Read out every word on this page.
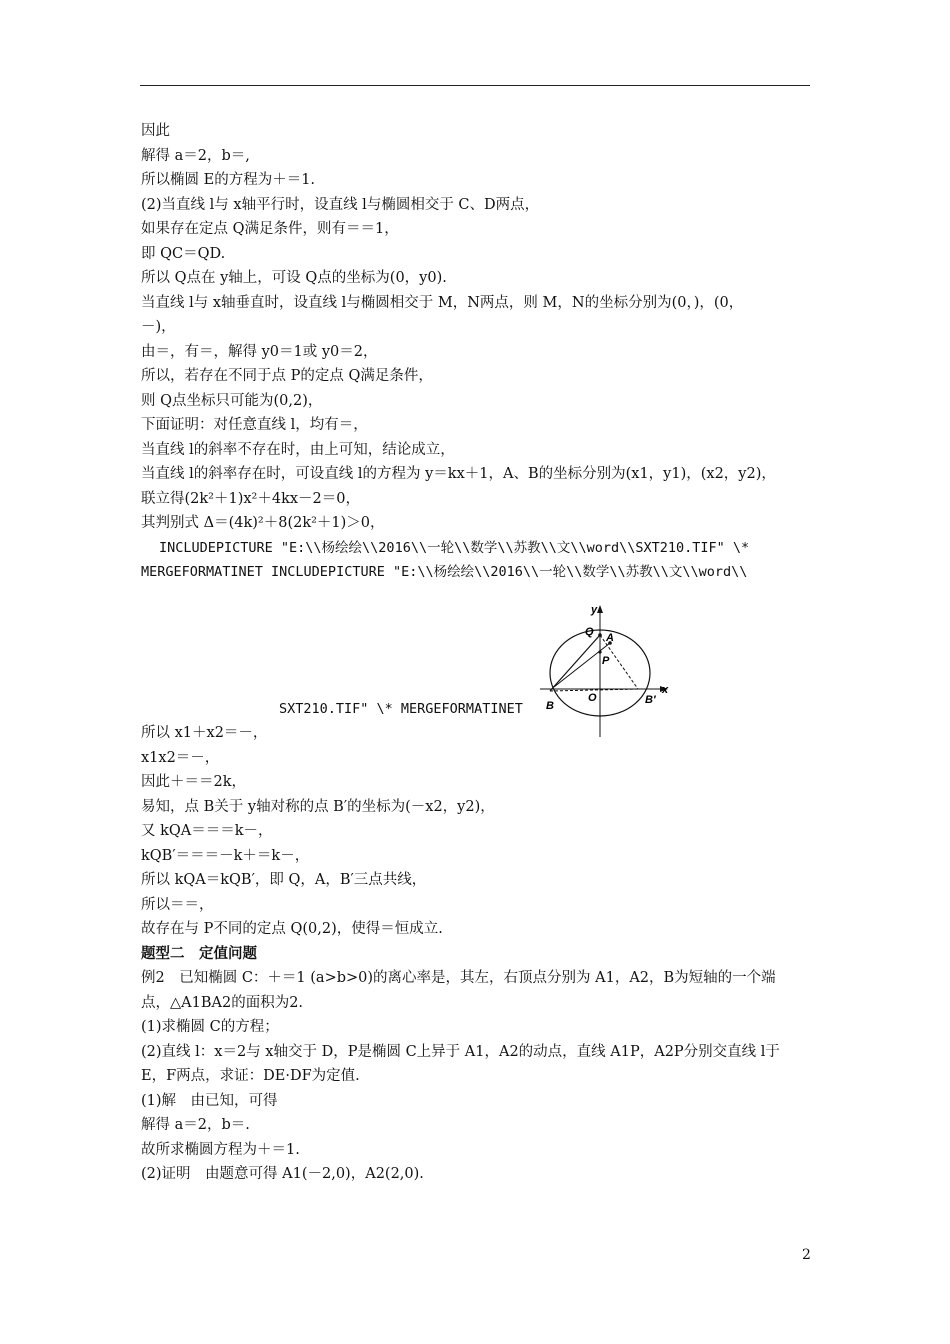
因此
解得 a＝2，b＝,
所以椭圆 E的方程为＋＝1.
(2)当直线 l与 x轴平行时，设直线 l与椭圆相交于 C、D两点，
如果存在定点 Q满足条件，则有＝＝1，
即 QC＝QD.
所以 Q点在 y轴上，可设 Q点的坐标为(0，y0).
当直线 l与 x轴垂直时，设直线 l与椭圆相交于 M，N两点，则 M，N的坐标分别为(0，)，(0，
－)，
由＝，有＝，解得 y0＝1或 y0＝2，
所以，若存在不同于点 P的定点 Q满足条件，
则 Q点坐标只可能为(0,2)，
下面证明：对任意直线 l，均有＝，
当直线 l的斜率不存在时，由上可知，结论成立，
当直线 l的斜率存在时，可设直线 l的方程为 y＝kx＋1，A、B的坐标分别为(x1，y1)，(x2，y2)，
联立得(2k²＋1)x²＋4kx－2＝0，
其判别式 Δ＝(4k)²＋8(2k²＋1)＞0，
INCLUDEPICTURE "E:\\杨绘绘\\2016\\一轮\\数学\\苏教\\文\\word\\SXT210.TIF" \*
MERGEFORMATINET INCLUDEPICTURE "E:\\杨绘绘\\2016\\一轮\\数学\\苏教\\文\\word\\
SXT210.TIF" \* MERGEFORMATINET
所以 x1＋x2＝－，
x1x2＝－，
因此＋＝＝2k，
易知，点 B关于 y轴对称的点 B′的坐标为(－x2，y2)，
又 kQA＝＝＝k－，
kQB′＝＝＝－k＋＝k－，
所以 kQA＝kQB′，即 Q，A，B′三点共线，
所以＝＝，
故存在与 P不同的定点 Q(0,2)，使得＝恒成立.
题型二　定值问题
例2　已知椭圆 C：＋＝1 (a>b>0)的离心率是，其左，右顶点分别为 A1，A2，B为短轴的一个端
点，△A1BA2的面积为2.
(1)求椭圆 C的方程；
(2)直线 l：x＝2与 x轴交于 D，P是椭圆 C上异于 A1，A2的动点，直线 A1P，A2P分别交直线 l于
E，F两点，求证：DE·DF为定值.
(1)解　由已知，可得
解得 a＝2，b＝.
故所求椭圆方程为＋＝1.
(2)证明　由题意可得 A1(－2,0)，A2(2,0).
y
x
Q A
P
O
B	B′
2
